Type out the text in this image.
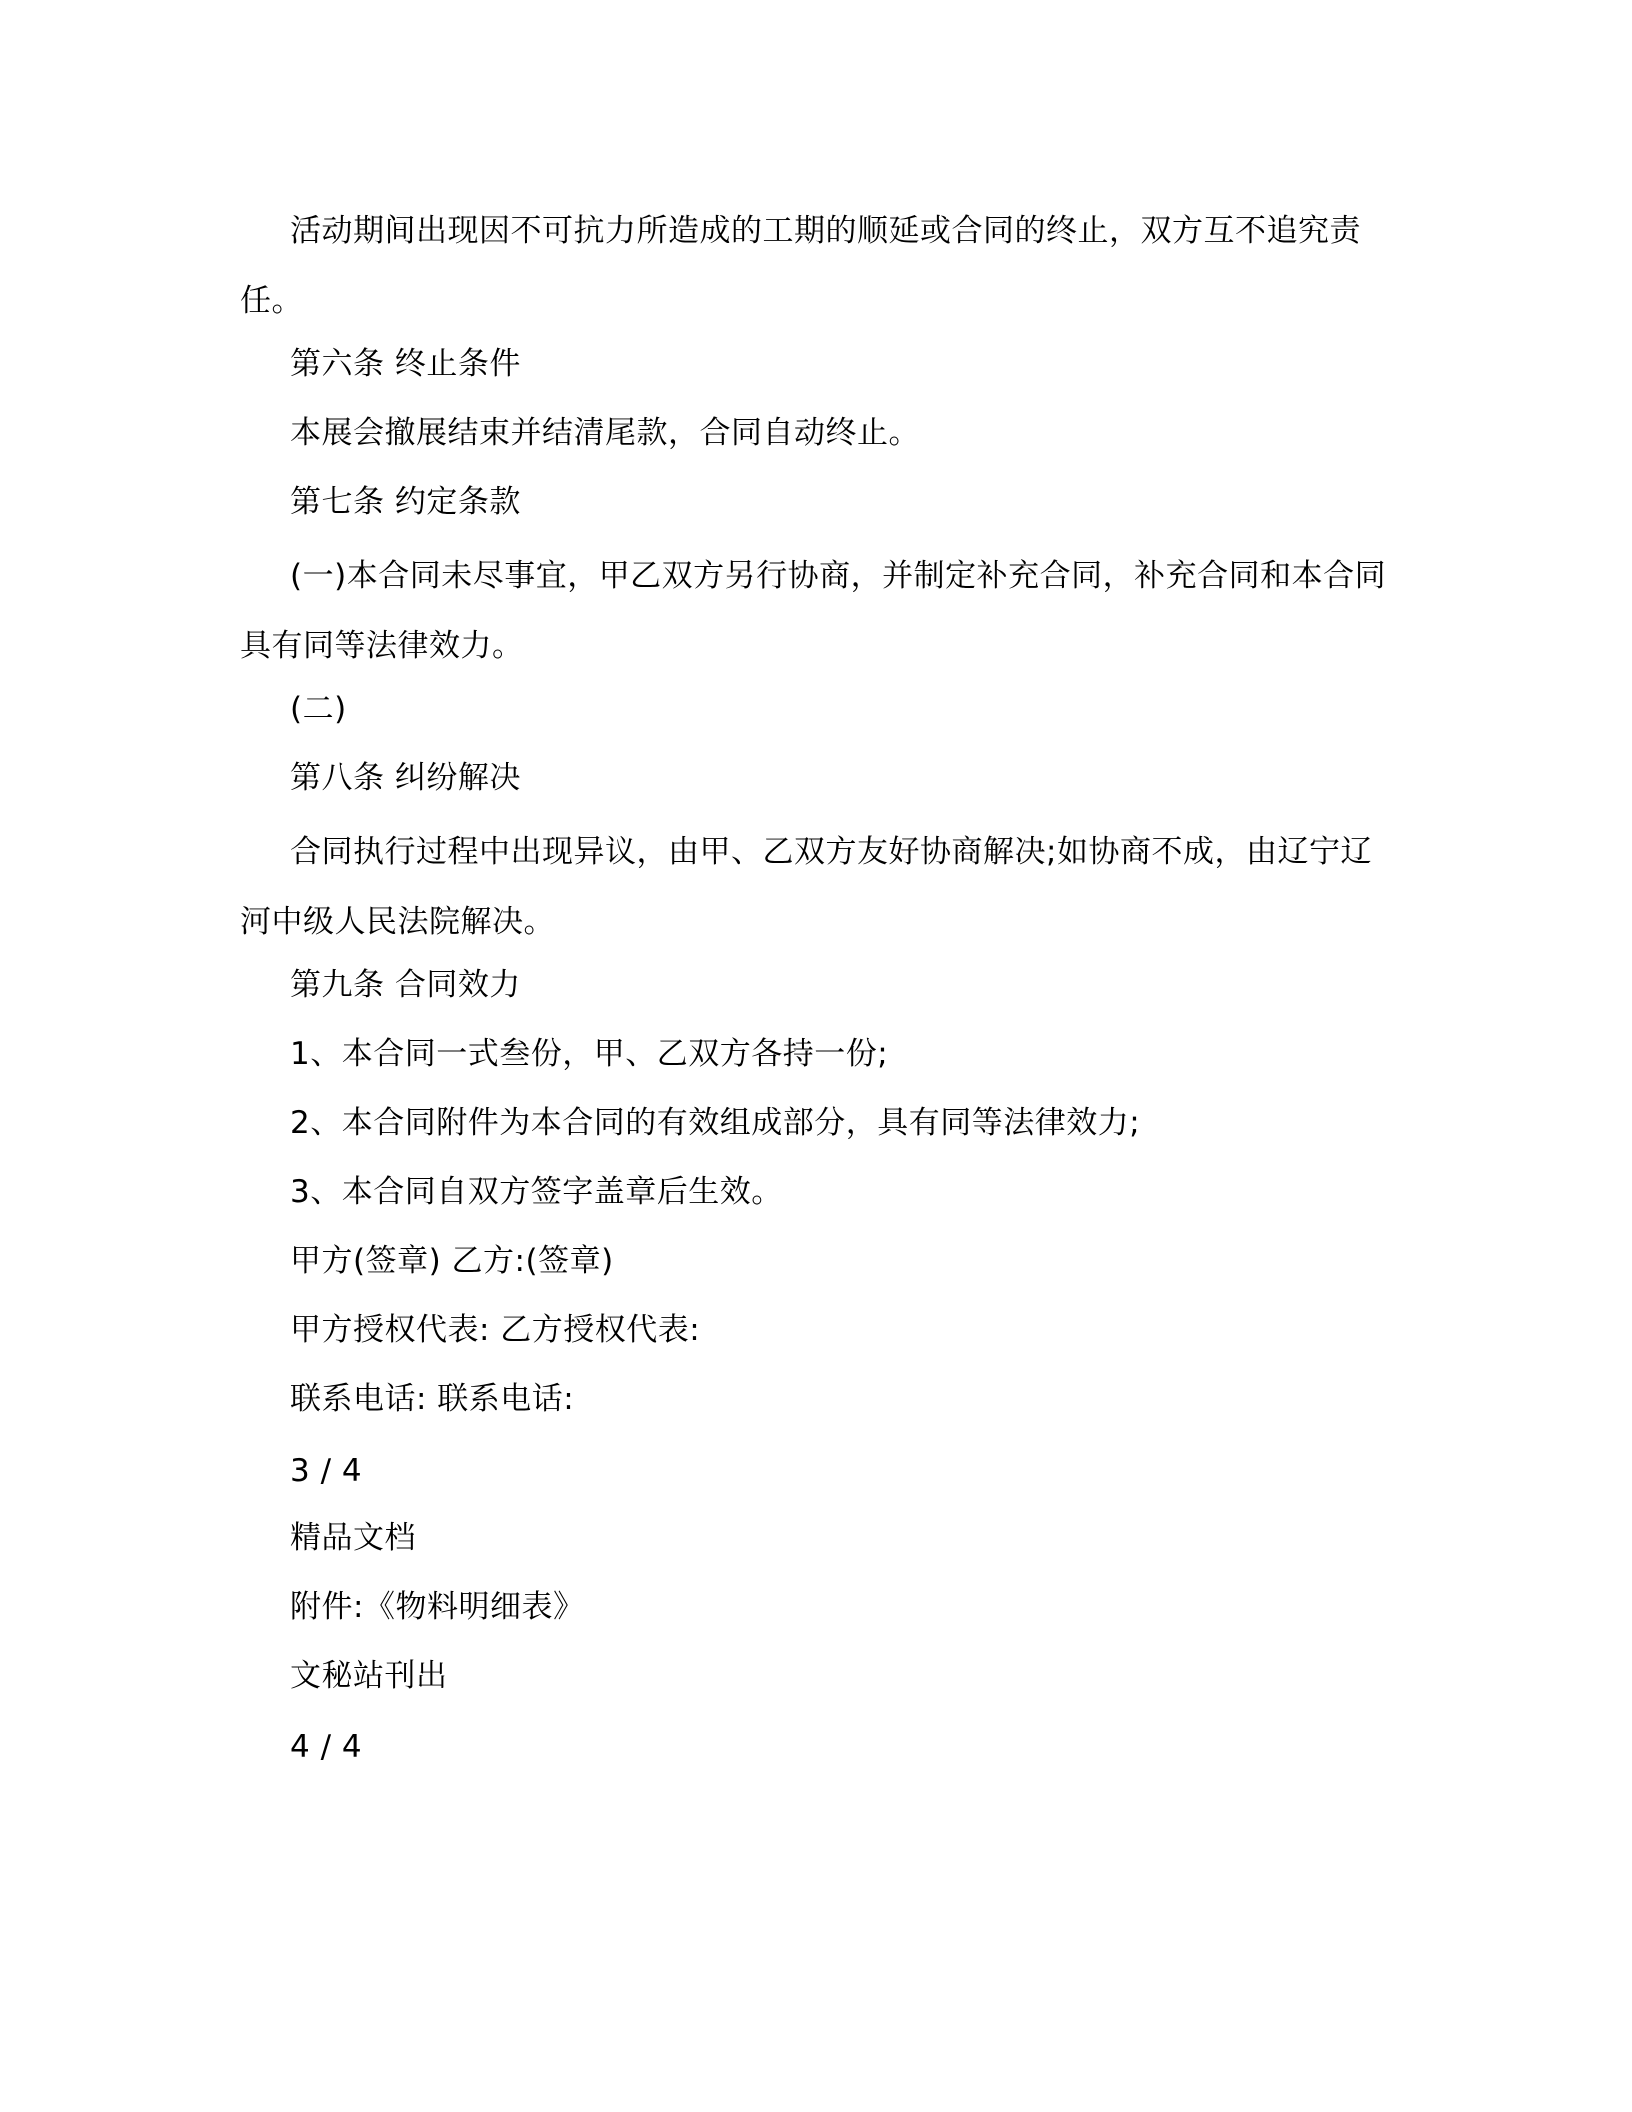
活动期间出现因不可抗力所造成的工期的顺延或合同的终止，双方互不追究责任。

第六条 终止条件

本展会撤展结束并结清尾款，合同自动终止。

第七条 约定条款

(一)本合同未尽事宜，甲乙双方另行协商，并制定补充合同，补充合同和本合同具有同等法律效力。

(二)

第八条 纠纷解决

合同执行过程中出现异议，由甲、乙双方友好协商解决;如协商不成，由辽宁辽河中级人民法院解决。

第九条 合同效力

1、本合同一式叁份，甲、乙双方各持一份;

2、本合同附件为本合同的有效组成部分，具有同等法律效力;

3、本合同自双方签字盖章后生效。

甲方(签章) 乙方:(签章)

甲方授权代表: 乙方授权代表:

联系电话: 联系电话:

3 / 4

精品文档

附件:《物料明细表》

文秘站刊出

4 / 4
